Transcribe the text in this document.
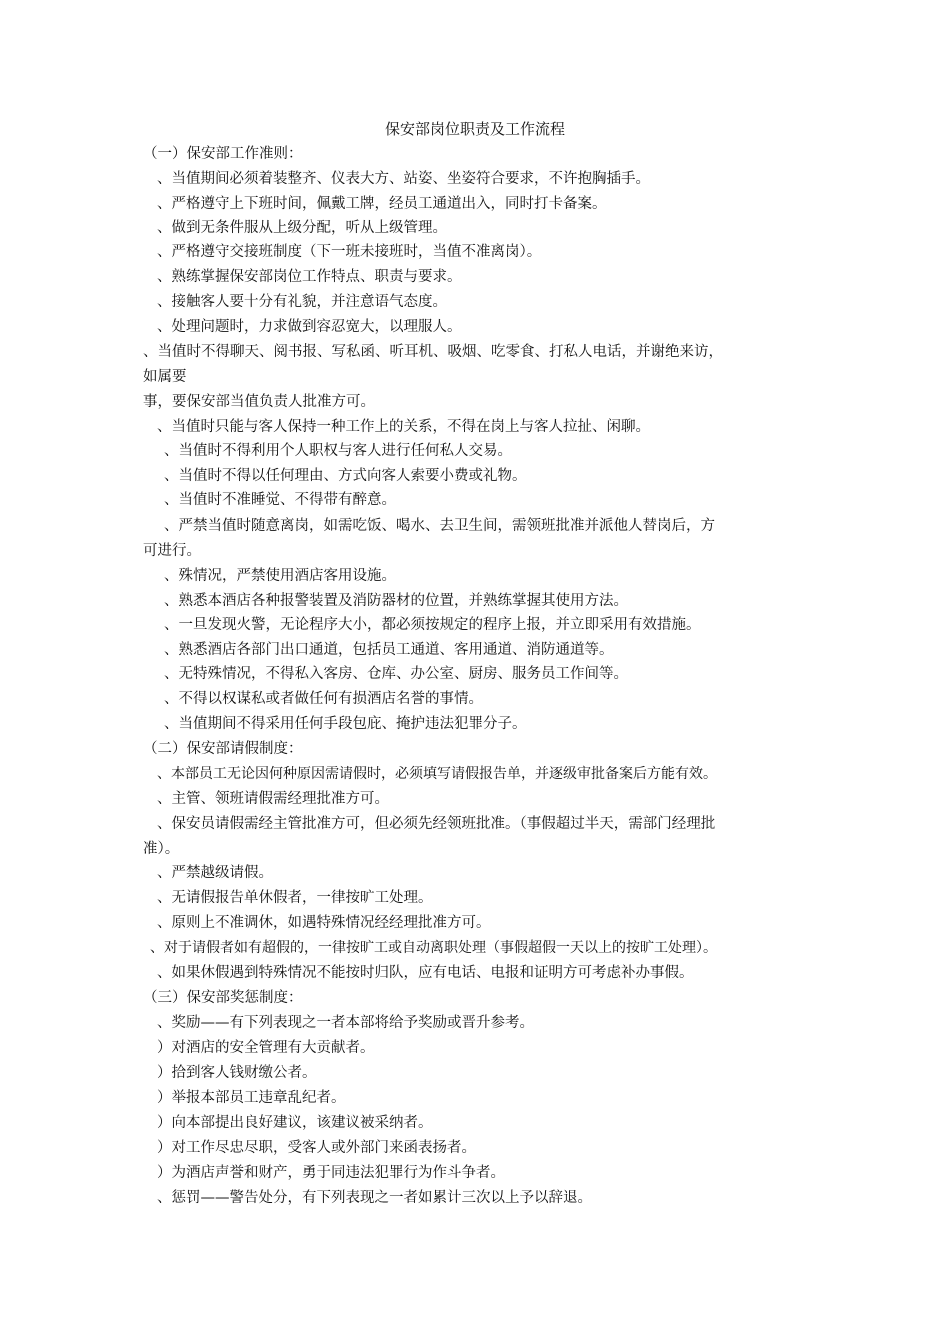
保安部岗位职责及工作流程
（一）保安部工作准则：
、当值期间必须着装整齐、仪表大方、站姿、坐姿符合要求，不许抱胸插手。
、严格遵守上下班时间，佩戴工牌，经员工通道出入，同时打卡备案。
、做到无条件服从上级分配，听从上级管理。
、严格遵守交接班制度（下一班未接班时，当值不准离岗）。
、熟练掌握保安部岗位工作特点、职责与要求。
、接触客人要十分有礼貌，并注意语气态度。
、处理问题时，力求做到容忍宽大，以理服人。
、当值时不得聊天、阅书报、写私函、听耳机、吸烟、吃零食、打私人电话，并谢绝来访，
如属要
事，要保安部当值负责人批准方可。
、当值时只能与客人保持一种工作上的关系，不得在岗上与客人拉扯、闲聊。
、当值时不得利用个人职权与客人进行任何私人交易。
、当值时不得以任何理由、方式向客人索要小费或礼物。
、当值时不准睡觉、不得带有醉意。
、严禁当值时随意离岗，如需吃饭、喝水、去卫生间，需领班批准并派他人替岗后，方
可进行。
、殊情况，严禁使用酒店客用设施。
、熟悉本酒店各种报警装置及消防器材的位置，并熟练掌握其使用方法。
、一旦发现火警，无论程序大小，都必须按规定的程序上报，并立即采用有效措施。
、熟悉酒店各部门出口通道，包括员工通道、客用通道、消防通道等。
、无特殊情况，不得私入客房、仓库、办公室、厨房、服务员工作间等。
、不得以权谋私或者做任何有损酒店名誉的事情。
、当值期间不得采用任何手段包庇、掩护违法犯罪分子。
（二）保安部请假制度：
、本部员工无论因何种原因需请假时，必须填写请假报告单，并逐级审批备案后方能有效。
、主管、领班请假需经理批准方可。
、保安员请假需经主管批准方可，但必须先经领班批准。（事假超过半天，需部门经理批
准）。
、严禁越级请假。
、无请假报告单休假者，一律按旷工处理。
、原则上不准调休，如遇特殊情况经经理批准方可。
、对于请假者如有超假的，一律按旷工或自动离职处理（事假超假一天以上的按旷工处理）。
、如果休假遇到特殊情况不能按时归队，应有电话、电报和证明方可考虑补办事假。
（三）保安部奖惩制度：
、奖励——有下列表现之一者本部将给予奖励或晋升参考。
）对酒店的安全管理有大贡献者。
）拾到客人钱财缴公者。
）举报本部员工违章乱纪者。
）向本部提出良好建议，该建议被采纳者。
）对工作尽忠尽职，受客人或外部门来函表扬者。
）为酒店声誉和财产，勇于同违法犯罪行为作斗争者。
、惩罚——警告处分，有下列表现之一者如累计三次以上予以辞退。
